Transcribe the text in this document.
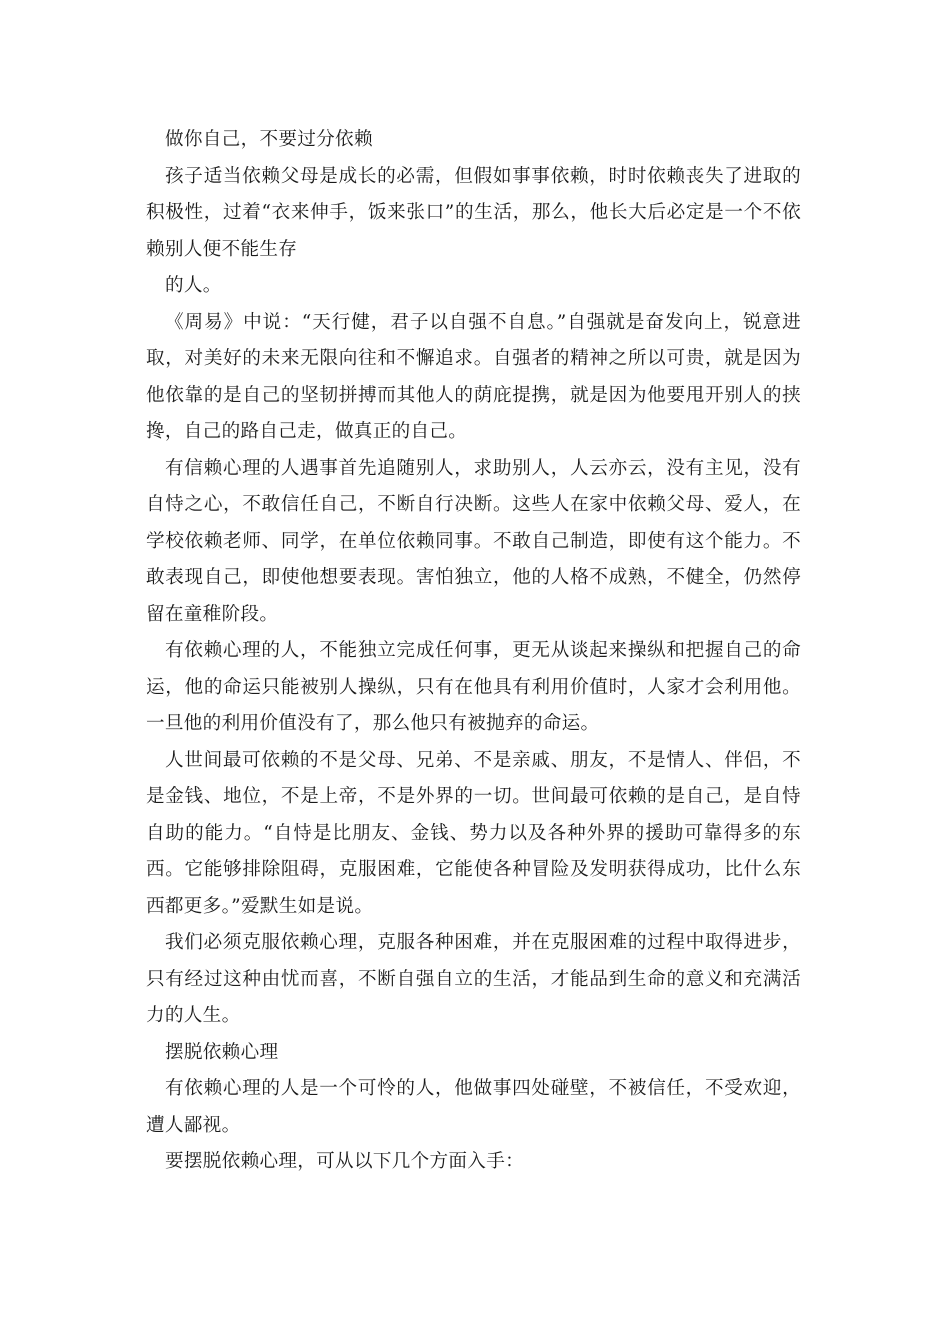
做你自己，不要过分依赖

孩子适当依赖父母是成长的必需，但假如事事依赖，时时依赖丧失了进取的积极性，过着“衣来伸手，饭来张口”的生活，那么，他长大后必定是一个不依赖别人便不能生存

的人。

《周易》中说：“天行健，君子以自强不自息。”自强就是奋发向上，锐意进取，对美好的未来无限向往和不懈追求。自强者的精神之所以可贵，就是因为他依靠的是自己的坚韧拼搏而其他人的荫庇提携，就是因为他要甩开别人的挟搀，自己的路自己走，做真正的自己。

有信赖心理的人遇事首先追随别人，求助别人，人云亦云，没有主见，没有自恃之心，不敢信任自己，不断自行决断。这些人在家中依赖父母、爱人，在学校依赖老师、同学，在单位依赖同事。不敢自己制造，即使有这个能力。不敢表现自己，即使他想要表现。害怕独立，他的人格不成熟，不健全，仍然停留在童稚阶段。

有依赖心理的人，不能独立完成任何事，更无从谈起来操纵和把握自己的命运，他的命运只能被别人操纵，只有在他具有利用价值时，人家才会利用他。一旦他的利用价值没有了，那么他只有被抛弃的命运。

人世间最可依赖的不是父母、兄弟、不是亲戚、朋友，不是情人、伴侣，不是金钱、地位，不是上帝，不是外界的一切。世间最可依赖的是自己，是自恃自助的能力。“自恃是比朋友、金钱、势力以及各种外界的援助可靠得多的东西。它能够排除阻碍，克服困难，它能使各种冒险及发明获得成功，比什么东西都更多。”爱默生如是说。

我们必须克服依赖心理，克服各种困难，并在克服困难的过程中取得进步，只有经过这种由忧而喜，不断自强自立的生活，才能品到生命的意义和充满活力的人生。

摆脱依赖心理

有依赖心理的人是一个可怜的人，他做事四处碰壁，不被信任，不受欢迎，遭人鄙视。

要摆脱依赖心理，可从以下几个方面入手：
